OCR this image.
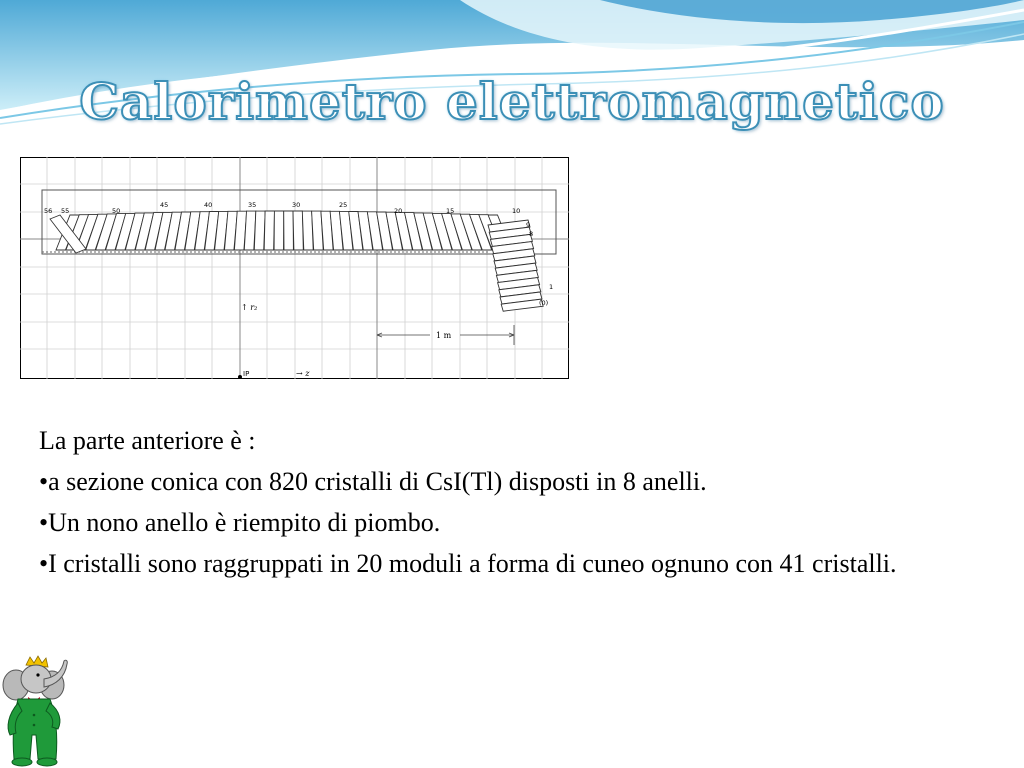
Calorimetro elettromagnetico
56 55	50
45	40	35	30	25
20	15	10
9
8
1
(0)
↑ r₂
1 m
IP	→ z

La parte anteriore è :

•a sezione conica con 820 cristalli di CsI(Tl) disposti in 8 anelli.

•Un nono anello è riempito di piombo.

•I cristalli sono raggruppati in 20 moduli a forma di cuneo ognuno con 41 cristalli.
